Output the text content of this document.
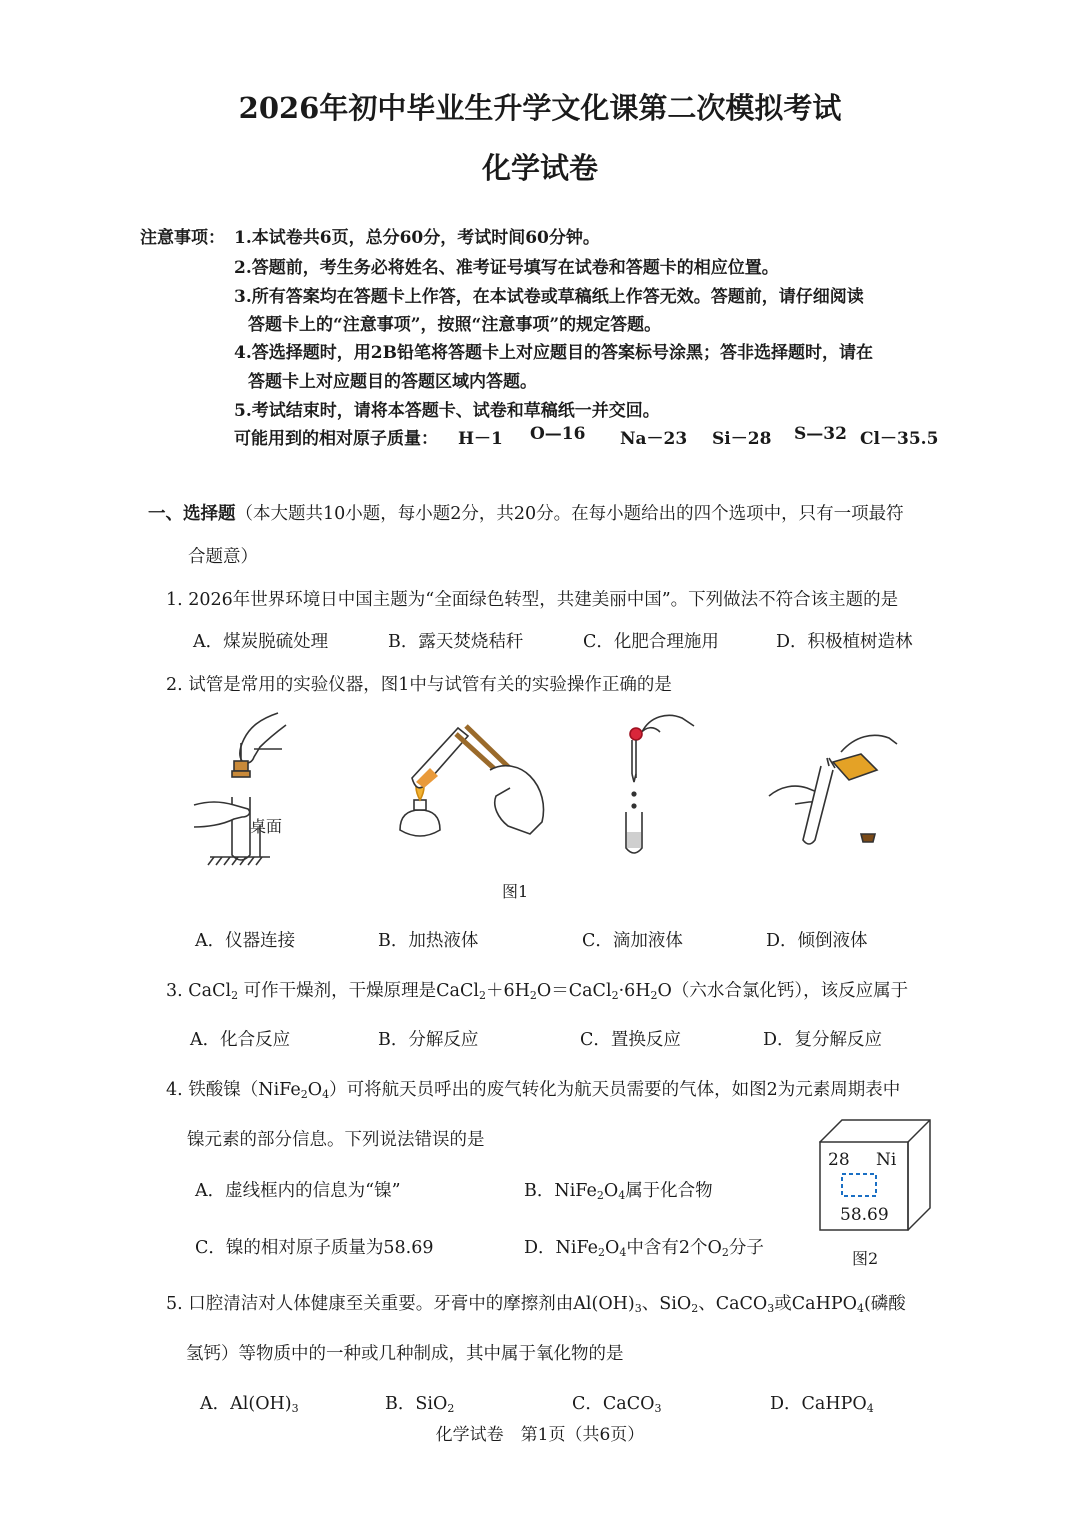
2026年初中毕业生升学文化课第二次模拟考试
化学试卷
注意事项： 1.本试卷共6页，总分60分，考试时间60分钟。
2.答题前，考生务必将姓名、准考证号填写在试卷和答题卡的相应位置。
3.所有答案均在答题卡上作答，在本试卷或草稿纸上作答无效。答题前，请仔细阅读
答题卡上的“注意事项”，按照“注意事项”的规定答题。
4.答选择题时，用2B铅笔将答题卡上对应题目的答案标号涂黑；答非选择题时，请在
答题卡上对应题目的答题区域内答题。
5.考试结束时，请将本答题卡、试卷和草稿纸一并交回。
可能用到的相对原子质量： H－1 O—16 Na－23 Si－28 S—32 Cl－35.5
一、选择题（本大题共10小题，每小题2分，共20分。在每小题给出的四个选项中，只有一项最符
合题意）
1. 2026年世界环境日中国主题为“全面绿色转型，共建美丽中国”。下列做法不符合该主题的是
A．煤炭脱硫处理	B．露天焚烧秸秆	C．化肥合理施用	D．积极植树造林
2. 试管是常用的实验仪器，图1中与试管有关的实验操作正确的是
桌面
图1
A．仪器连接	B．加热液体	C．滴加液体	D．倾倒液体
3. CaCl$_2$ 可作干燥剂，干燥原理是$CaCl_2+6H_2O=CaCl_2\cdot 6H_2O$（六水合氯化钙），该反应属于
A．化合反应	B．分解反应	C．置换反应	D．复分解反应
4. 铁酸镍$(NiFe_2O_4)$可将航天员呼出的废气转化为航天员需要的气体，如图2为元素周期表中
镍元素的部分信息。下列说法错误的是
A．虚线框内的信息为“镍”	B．$NiFe_2O_4$属于化合物
C．镍的相对原子质量为58.69	D．$NiFe_2O_4$中含有2个$O_2$分子
28 Ni
58.69
图2
5. 口腔清洁对人体健康至关重要。牙膏中的摩擦剂由$Al(OH)_3$、SiO$_2$、CaCO$_3$或CaHPO$_4$(磷酸
氢钙）等物质中的一种或几种制成，其中属于氧化物的是
A．$Al(OH)_3$	B．SiO$_2$	C．CaCO$_3$	D．CaHPO$_4$
化学试卷　第1页（共6页）
